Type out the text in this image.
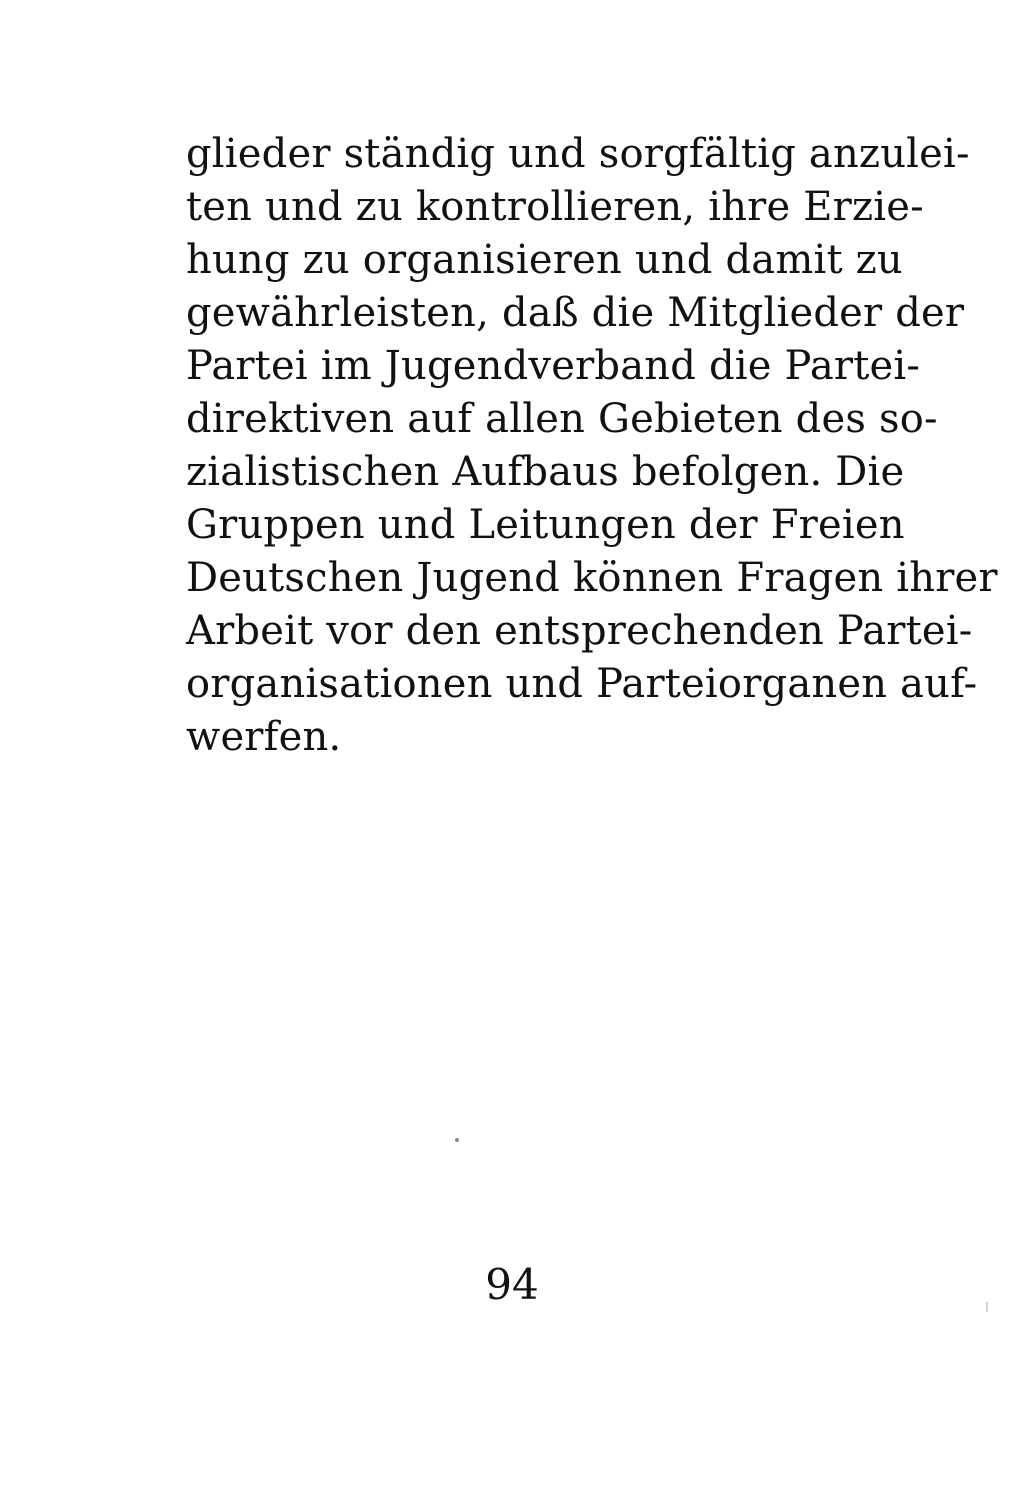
glieder ständig und sorgfältig anzulei-
ten und zu kontrollieren, ihre Erzie-
hung zu organisieren und damit zu
gewährleisten, daß die Mitglieder der
Partei im Jugendverband die Partei-
direktiven auf allen Gebieten des so-
zialistischen Aufbaus befolgen. Die
Gruppen und Leitungen der Freien
Deutschen Jugend können Fragen ihrer
Arbeit vor den entsprechenden Partei-
organisationen und Parteiorganen auf-
werfen.
94
